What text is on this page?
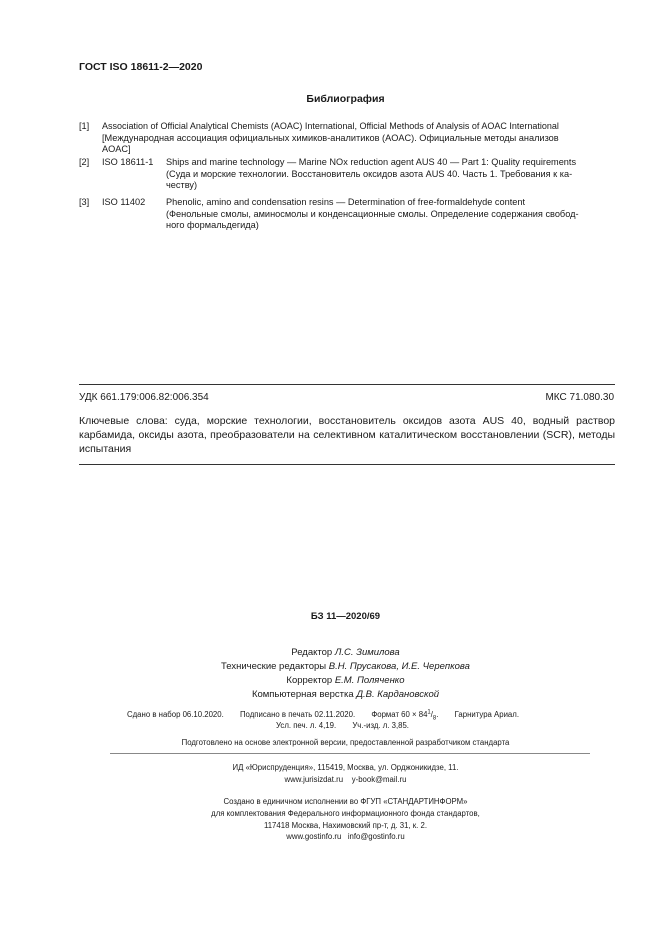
ГОСТ ISO 18611-2—2020
Библиография
[1] Association of Official Analytical Chemists (AOAC) International, Official Methods of Analysis of AOAC International
[Международная ассоциация официальных химиков-аналитиков (AOAC). Официальные методы анализов
AOAC]
[2] ISO 18611-1 Ships and marine technology — Marine NOx reduction agent AUS 40 — Part 1: Quality requirements
(Суда и морские технологии. Восстановитель оксидов азота AUS 40. Часть 1. Требования к ка-
честву)
[3] ISO 11402 Phenolic, amino and condensation resins — Determination of free-formaldehyde content
(Фенольные смолы, аминосмолы и конденсационные смолы. Определение содержания свобод-
ного формальдегида)
УДК 661.179:006.82:006.354	МКС 71.080.30
Ключевые слова: суда, морские технологии, восстановитель оксидов азота AUS 40, водный раствор карбамида, оксиды азота, преобразователи на селективном каталитическом восстановлении (SCR), методы испытания
БЗ 11—2020/69
Редактор Л.С. Зимилова
Технические редакторы В.Н. Прусакова, И.Е. Черепкова
Корректор Е.М. Поляченко
Компьютерная верстка Д.В. Кардановской
Сдано в набор 06.10.2020. Подписано в печать 02.11.2020. Формат $60 \times 84^1/_8$. Гарнитура Ариал.
Усл. печ. л. 4,19. Уч.-изд. л. 3,85.
Подготовлено на основе электронной версии, предоставленной разработчиком стандарта
ИД «Юриспруденция», 115419, Москва, ул. Орджоникидзе, 11.
www.jurisizdat.ru y-book@mail.ru
Создано в единичном исполнении во ФГУП «СТАНДАРТИНФОРМ»
для комплектования Федерального информационного фонда стандартов,
117418 Москва, Нахимовский пр-т, д. 31, к. 2.
www.gostinfo.ru info@gostinfo.ru
